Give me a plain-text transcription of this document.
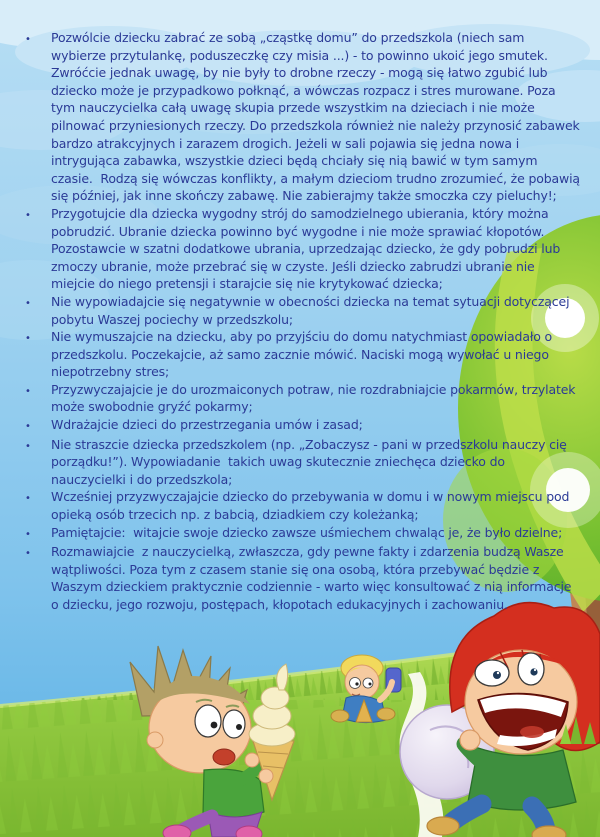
•	Pozwólcie dziecku zabrać ze sobą „cząstkę domu” do przedszkola (niech sam wybierze przytulankę, poduszeczkę czy misia ...) - to powinno ukoić jego smutek. Zwróćcie jednak uwagę, by nie były to drobne rzeczy - mogą się łatwo zgubić lub dziecko może je przypadkowo połknąć, a wówczas rozpacz i stres murowane. Poza tym nauczycielka całą uwagę skupia przede wszystkim na dzieciach i nie może pilnować przyniesionych rzeczy. Do przedszkola również nie należy przynosić zabawek bardzo atrakcyjnych i zarazem drogich. Jeżeli w sali pojawia się jedna nowa i intrygująca zabawka, wszystkie dzieci będą chciały się nią bawić w tym samym czasie.  Rodzą się wówczas konflikty, a małym dzieciom trudno zrozumieć, że pobawią się później, jak inne skończy zabawę. Nie zabierajmy także smoczka czy pieluchy!;
•	Przygotujcie dla dziecka wygodny strój do samodzielnego ubierania, który można pobrudzić. Ubranie dziecka powinno być wygodne i nie może sprawiać kłopotów. Pozostawcie w szatni dodatkowe ubrania, uprzedzając dziecko, że gdy pobrudzi lub zmoczy ubranie, może przebrać się w czyste. Jeśli dziecko zabrudzi ubranie nie miejcie do niego pretensji i starajcie się nie krytykować dziecka;
•	Nie wypowiadajcie się negatywnie w obecności dziecka na temat sytuacji dotyczącej pobytu Waszej pociechy w przedszkolu;
•	Nie wymuszajcie na dziecku, aby po przyjściu do domu natychmiast opowiadało o przedszkolu. Poczekajcie, aż samo zacznie mówić. Naciski mogą wywołać u niego niepotrzebny stres;
•	Przyzwyczajajcie je do urozmaiconych potraw, nie rozdrabniajcie pokarmów, trzylatek może swobodnie gryźć pokarmy;
•	Wdrażajcie dzieci do przestrzegania umów i zasad;
•	Nie straszcie dziecka przedszkolem (np. „Zobaczysz - pani w przedszkolu nauczy cię porządku!”). Wypowiadanie  takich uwag skutecznie zniechęca dziecko do nauczycielki i do przedszkola;
•	Wcześniej przyzwyczajajcie dziecko do przebywania w domu i w nowym miejscu pod opieką osób trzecich np. z babcią, dziadkiem czy koleżanką;
•	Pamiętajcie:  witajcie swoje dziecko zawsze uśmiechem chwaląc je, że było dzielne;
•	Rozmawiajcie  z nauczycielką, zwłaszcza, gdy pewne fakty i zdarzenia budzą Wasze wątpliwości. Poza tym z czasem stanie się ona osobą, która przebywać będzie z Waszym dzieckiem praktycznie codziennie - warto więc konsultować z nią informacje o dziecku, jego rozwoju, postępach, kłopotach edukacyjnych i zachowaniu.
